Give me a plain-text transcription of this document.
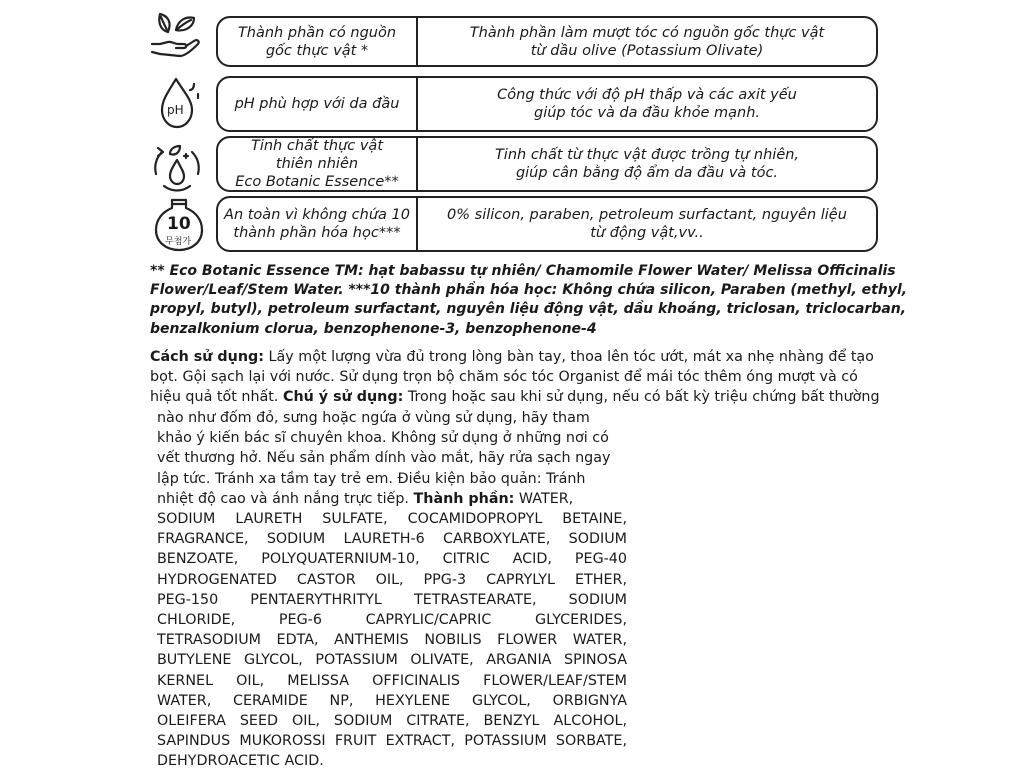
pH
10
무첨가
Thành phần có nguồn
gốc thực vật *
Thành phần làm mượt tóc có nguồn gốc thực vật
từ dầu olive (Potassium Olivate)
pH phù hợp với da đầu
Công thức với độ pH thấp và các axit yếu
giúp tóc và da đầu khỏe mạnh.
Tinh chất thực vật
thiên nhiên
Eco Botanic Essence**
Tinh chất từ thực vật được trồng tự nhiên,
giúp cân bằng độ ẩm da đầu và tóc.
An toàn vì không chứa 10
thành phần hóa học***
0% silicon, paraben, petroleum surfactant, nguyên liệu
từ động vật,vv..
** Eco Botanic Essence TM: hạt babassu tự nhiên/ Chamomile Flower Water/ Melissa Officinalis
Flower/Leaf/Stem Water. ***10 thành phần hóa học: Không chứa silicon, Paraben (methyl, ethyl,
propyl, butyl), petroleum surfactant, nguyên liệu động vật, dầu khoáng, triclosan, triclocarban,
benzalkonium clorua, benzophenone-3, benzophenone-4
Cách sử dụng: Lấy một lượng vừa đủ trong lòng bàn tay, thoa lên tóc ướt, mát xa nhẹ nhàng để tạo
bọt. Gội sạch lại với nước. Sử dụng trọn bộ chăm sóc tóc Organist để mái tóc thêm óng mượt và có
hiệu quả tốt nhất. Chú ý sử dụng: Trong hoặc sau khi sử dụng, nếu có bất kỳ triệu chứng bất thường
nào như đốm đỏ, sưng hoặc ngứa ở vùng sử dụng, hãy tham
khảo ý kiến bác sĩ chuyên khoa. Không sử dụng ở những nơi có
vết thương hở. Nếu sản phẩm dính vào mắt, hãy rửa sạch ngay
lập tức. Tránh xa tầm tay trẻ em. Điều kiện bảo quản: Tránh
nhiệt độ cao và ánh nắng trực tiếp. Thành phần: WATER,
SODIUM LAURETH SULFATE, COCAMIDOPROPYL BETAINE,
FRAGRANCE, SODIUM LAURETH-6 CARBOXYLATE, SODIUM
BENZOATE, POLYQUATERNIUM-10, CITRIC ACID, PEG-40
HYDROGENATED CASTOR OIL, PPG-3 CAPRYLYL ETHER,
PEG-150 PENTAERYTHRITYL TETRASTEARATE, SODIUM
CHLORIDE, PEG-6 CAPRYLIC/CAPRIC GLYCERIDES,
TETRASODIUM EDTA, ANTHEMIS NOBILIS FLOWER WATER,
BUTYLENE GLYCOL, POTASSIUM OLIVATE, ARGANIA SPINOSA
KERNEL OIL, MELISSA OFFICINALIS FLOWER/LEAF/STEM
WATER, CERAMIDE NP, HEXYLENE GLYCOL, ORBIGNYA
OLEIFERA SEED OIL, SODIUM CITRATE, BENZYL ALCOHOL,
SAPINDUS MUKOROSSI FRUIT EXTRACT, POTASSIUM SORBATE,
DEHYDROACETIC ACID.
